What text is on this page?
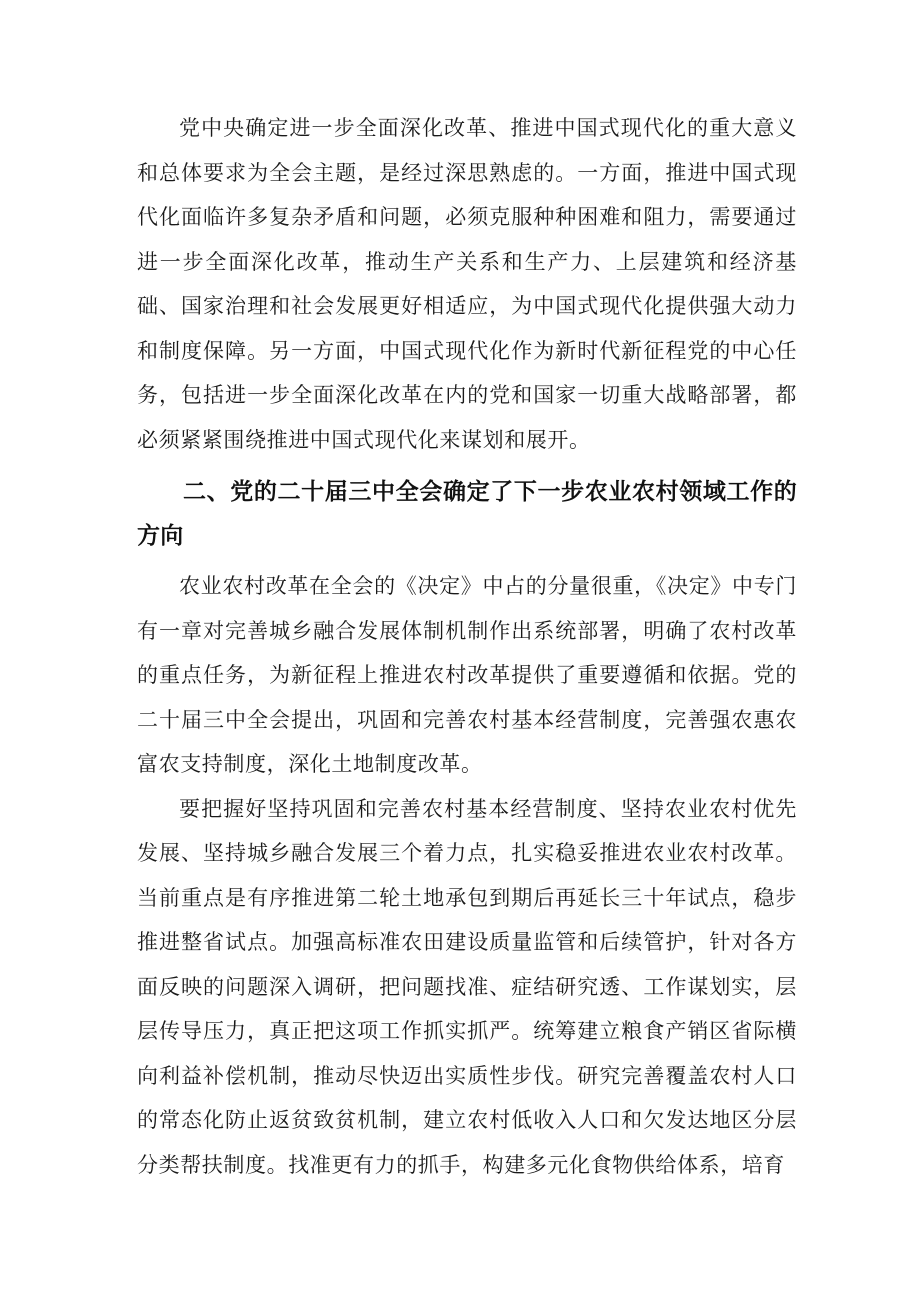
党中央确定进一步全面深化改革、推进中国式现代化的重大意义和总体要求为全会主题，是经过深思熟虑的。一方面，推进中国式现代化面临许多复杂矛盾和问题，必须克服种种困难和阻力，需要通过进一步全面深化改革，推动生产关系和生产力、上层建筑和经济基础、国家治理和社会发展更好相适应，为中国式现代化提供强大动力和制度保障。另一方面，中国式现代化作为新时代新征程党的中心任务，包括进一步全面深化改革在内的党和国家一切重大战略部署，都必须紧紧围绕推进中国式现代化来谋划和展开。

二、党的二十届三中全会确定了下一步农业农村领域工作的方向

农业农村改革在全会的《决定》中占的分量很重，《决定》中专门有一章对完善城乡融合发展体制机制作出系统部署，明确了农村改革的重点任务，为新征程上推进农村改革提供了重要遵循和依据。党的二十届三中全会提出，巩固和完善农村基本经营制度，完善强农惠农富农支持制度，深化土地制度改革。

要把握好坚持巩固和完善农村基本经营制度、坚持农业农村优先发展、坚持城乡融合发展三个着力点，扎实稳妥推进农业农村改革。当前重点是有序推进第二轮土地承包到期后再延长三十年试点，稳步推进整省试点。加强高标准农田建设质量监管和后续管护，针对各方面反映的问题深入调研，把问题找准、症结研究透、工作谋划实，层层传导压力，真正把这项工作抓实抓严。统筹建立粮食产销区省际横向利益补偿机制，推动尽快迈出实质性步伐。研究完善覆盖农村人口的常态化防止返贫致贫机制，建立农村低收入人口和欠发达地区分层分类帮扶制度。找准更有力的抓手，构建多元化食物供给体系，培育
